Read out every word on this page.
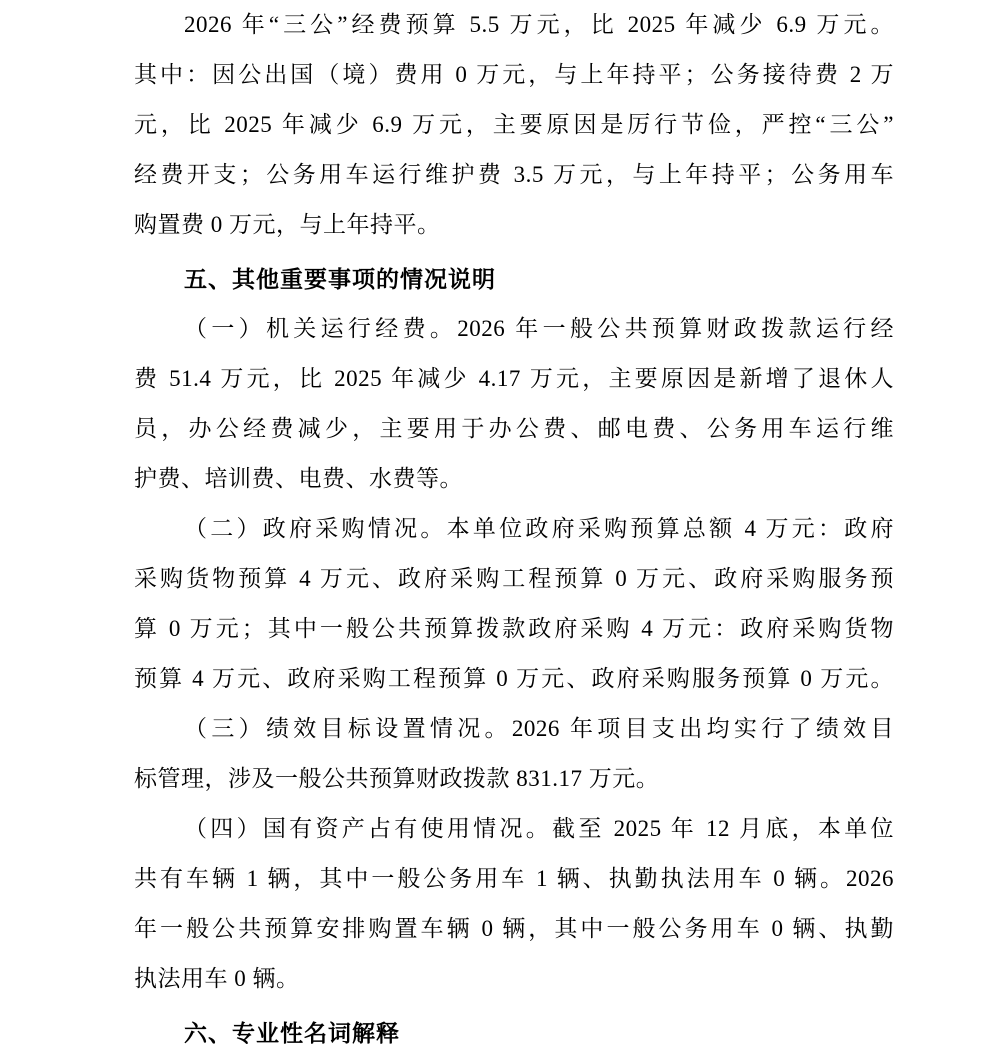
2026 年“三公”经费预算 5.5 万元，比 2025 年减少 6.9 万元。
其中：因公出国（境）费用 0 万元，与上年持平；公务接待费 2 万
元，比 2025 年减少 6.9 万元，主要原因是厉行节俭，严控“三公”
经费开支；公务用车运行维护费 3.5 万元，与上年持平；公务用车
购置费 0 万元，与上年持平。
五、其他重要事项的情况说明
（一）机关运行经费。2026 年一般公共预算财政拨款运行经
费 51.4 万元，比 2025 年减少 4.17 万元，主要原因是新增了退休人
员，办公经费减少，主要用于办公费、邮电费、公务用车运行维
护费、培训费、电费、水费等。
（二）政府采购情况。本单位政府采购预算总额 4 万元：政府
采购货物预算 4 万元、政府采购工程预算 0 万元、政府采购服务预
算 0 万元；其中一般公共预算拨款政府采购 4 万元：政府采购货物
预算 4 万元、政府采购工程预算 0 万元、政府采购服务预算 0 万元。
（三）绩效目标设置情况。2026 年项目支出均实行了绩效目
标管理，涉及一般公共预算财政拨款 831.17 万元。
（四）国有资产占有使用情况。截至 2025 年 12 月底，本单位
共有车辆 1 辆，其中一般公务用车 1 辆、执勤执法用车 0 辆。2026
年一般公共预算安排购置车辆 0 辆，其中一般公务用车 0 辆、执勤
执法用车 0 辆。
六、专业性名词解释
